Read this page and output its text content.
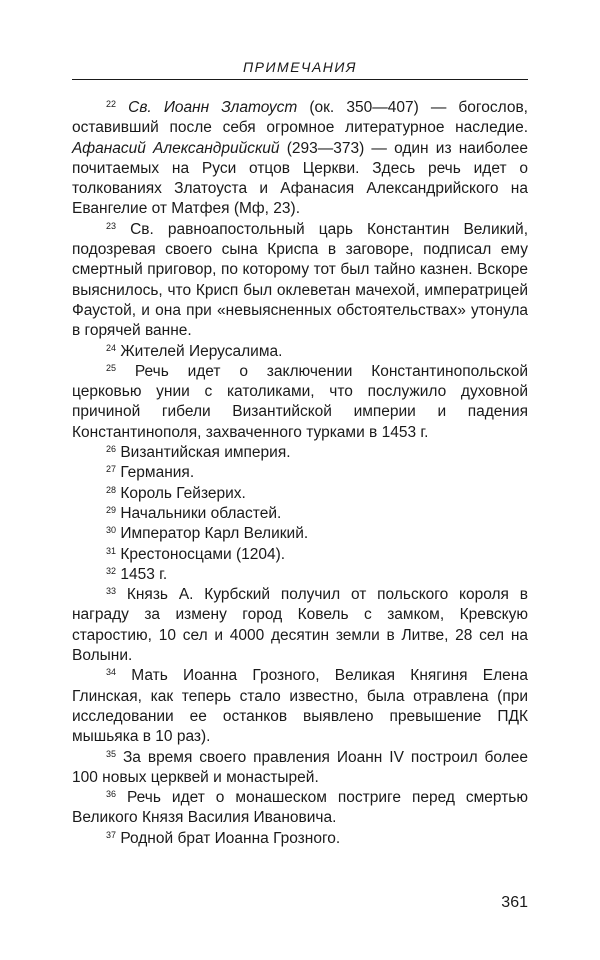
ПРИМЕЧАНИЯ

$^{22}$ Св. Иоанн Златоуст (ок. 350—407) — богослов, оставивший после себя огромное литературное наследие. Афанасий Александрийский (293—373) — один из наиболее почитаемых на Руси отцов Церкви. Здесь речь идет о толкованиях Златоуста и Афанасия Александрийского на Евангелие от Матфея (Мф, 23).

$^{23}$ Св. равноапостольный царь Константин Великий, подозревая своего сына Криспа в заговоре, подписал ему смертный приговор, по которому тот был тайно казнен. Вскоре выяснилось, что Крисп был оклеветан мачехой, императрицей Фаустой, и она при «невыясненных обстоятельствах» утонула в горячей ванне.

$^{24}$ Жителей Иерусалима.

$^{25}$ Речь идет о заключении Константинопольской церковью унии с католиками, что послужило духовной причиной гибели Византийской империи и падения Константинополя, захваченного турками в 1453 г.

$^{26}$ Византийская империя.

$^{27}$ Германия.

$^{28}$ Король Гейзерих.

$^{29}$ Начальники областей.

$^{30}$ Император Карл Великий.

$^{31}$ Крестоносцами (1204).

$^{32}$ 1453 г.

$^{33}$ Князь А. Курбский получил от польского короля в награду за измену город Ковель с замком, Кревскую старостию, 10 сел и 4000 десятин земли в Литве, 28 сел на Волыни.

$^{34}$ Мать Иоанна Грозного, Великая Княгиня Елена Глинская, как теперь стало известно, была отравлена (при исследовании ее останков выявлено превышение ПДК мышьяка в 10 раз).

$^{35}$ За время своего правления Иоанн IV построил более 100 новых церквей и монастырей.

$^{36}$ Речь идет о монашеском постриге перед смертью Великого Князя Василия Ивановича.

$^{37}$ Родной брат Иоанна Грозного.

361
